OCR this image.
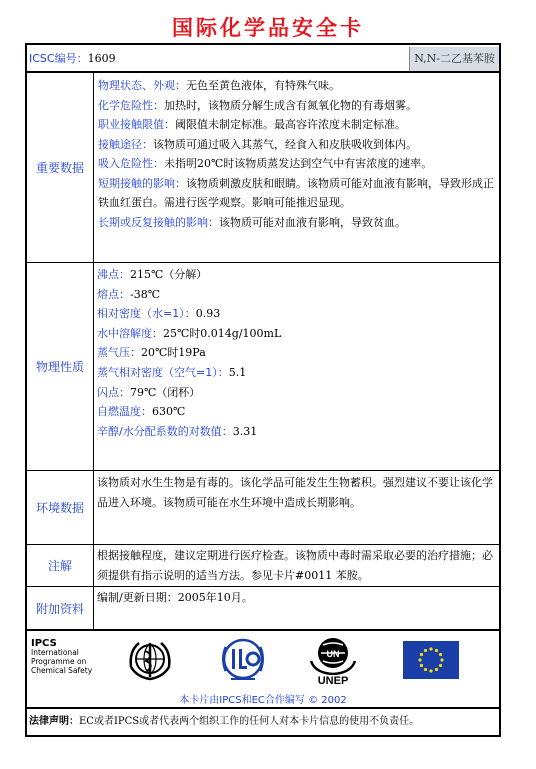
国际化学品安全卡
ICSC编号：1609	N,N-二乙基苯胺
重要数据
物理状态、外观：无色至黄色液体，有特殊气味。
化学危险性：加热时，该物质分解生成含有氮氧化物的有毒烟雾。
职业接触限值：阈限值未制定标准。最高容许浓度未制定标准。
接触途径：该物质可通过吸入其蒸气，经食入和皮肤吸收到体内。
吸入危险性：未指明20℃时该物质蒸发达到空气中有害浓度的速率。
短期接触的影响：该物质刺激皮肤和眼睛。该物质可能对血液有影响，导致形成正铁血红蛋白。需进行医学观察。影响可能推迟显现。
长期或反复接触的影响：该物质可能对血液有影响，导致贫血。
物理性质
沸点：215℃（分解）
熔点：-38℃
相对密度（水=1）：0.93
水中溶解度：25℃时0.014g/100mL
蒸气压：20℃时19Pa
蒸气相对密度（空气=1）：5.1
闪点：79℃（闭杯）
自燃温度：630℃
辛醇/水分配系数的对数值：3.31
环境数据
该物质对水生生物是有毒的。该化学品可能发生生物蓄积。强烈建议不要让该化学品进入环境。该物质可能在水生环境中造成长期影响。
注解
根据接触程度，建议定期进行医疗检查。该物质中毒时需采取必要的治疗措施；必须提供有指示说明的适当方法。参见卡片#0011 苯胺。
附加资料
编制/更新日期：2005年10月。
IPCS
International
Programme on
Chemical Safety
UN
UNEP
本卡片由IPCS和EC合作编写 © 2002
法律声明：EC或者IPCS或者代表两个组织工作的任何人对本卡片信息的使用不负责任。
